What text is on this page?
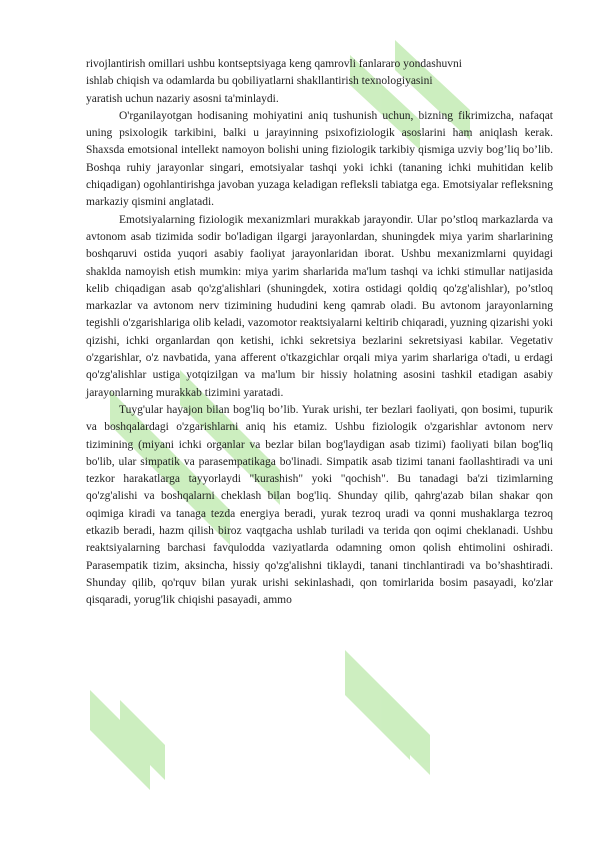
rivojlantirish omillari ushbu kontseptsiyaga keng qamrovli fanlararo yondashuvni
ishlab chiqish va odamlarda bu qobiliyatlarni shakllantirish texnologiyasini
yaratish uchun nazariy asosni ta'minlaydi.

O'rganilayotgan hodisaning mohiyatini aniq tushunish uchun, bizning fikrimizcha, nafaqat uning psixologik tarkibini, balki u jarayinning psixofiziologik asoslarini ham aniqlash kerak. Shaxsda emotsional intellekt namoyon bolishi uning fiziologik tarkibiy qismiga uzviy bog’liq bo’lib. Boshqa ruhiy jarayonlar singari, emotsiyalar tashqi yoki ichki (tananing ichki muhitidan kelib chiqadigan) ogohlantirishga javoban yuzaga keladigan refleksli tabiatga ega. Emotsiyalar refleksning markaziy qismini anglatadi.

Emotsiyalarning fiziologik mexanizmlari murakkab jarayondir. Ular po’stloq markazlarda va avtonom asab tizimida sodir bo'ladigan ilgargi jarayonlardan, shuningdek miya yarim sharlarining boshqaruvi ostida yuqori asabiy faoliyat jarayonlaridan iborat. Ushbu mexanizmlarni quyidagi shaklda namoyish etish mumkin: miya yarim sharlarida ma'lum tashqi va ichki stimullar natijasida kelib chiqadigan asab qo'zg'alishlari (shuningdek, xotira ostidagi qoldiq qo'zg'alishlar), po’stloq markazlar va avtonom nerv tizimining hududini keng qamrab oladi. Bu avtonom jarayonlarning tegishli o'zgarishlariga olib keladi, vazomotor reaktsiyalarni keltirib chiqaradi, yuzning qizarishi yoki qizishi, ichki organlardan qon ketishi, ichki sekretsiya bezlarini sekretsiyasi kabilar. Vegetativ o'zgarishlar, o'z navbatida, yana afferent o'tkazgichlar orqali miya yarim sharlariga o'tadi, u erdagi qo'zg'alishlar ustiga yotqizilgan va ma'lum bir hissiy holatning asosini tashkil etadigan asabiy jarayonlarning murakkab tizimini yaratadi.

Tuyg'ular hayajon bilan bog'liq bo’lib. Yurak urishi, ter bezlari faoliyati, qon bosimi, tupurik va boshqalardagi o'zgarishlarni aniq his etamiz. Ushbu fiziologik o'zgarishlar avtonom nerv tizimining (miyani ichki organlar va bezlar bilan bog'laydigan asab tizimi) faoliyati bilan bog'liq bo'lib, ular simpatik va parasempatikaga bo'linadi. Simpatik asab tizimi tanani faollashtiradi va uni tezkor harakatlarga tayyorlaydi "kurashish" yoki "qochish". Bu tanadagi ba'zi tizimlarning qo'zg'alishi va boshqalarni cheklash bilan bog'liq. Shunday qilib, qahrg'azab bilan shakar qon oqimiga kiradi va tanaga tezda energiya beradi, yurak tezroq uradi va qonni mushaklarga tezroq etkazib beradi, hazm qilish biroz vaqtgacha ushlab turiladi va terida qon oqimi cheklanadi. Ushbu reaktsiyalarning barchasi favqulodda vaziyatlarda odamning omon qolish ehtimolini oshiradi. Parasempatik tizim, aksincha, hissiy qo'zg'alishni tiklaydi, tanani tinchlantiradi va bo’shashtiradi. Shunday qilib, qo'rquv bilan yurak urishi sekinlashadi, qon tomirlarida bosim pasayadi, ko'zlar qisqaradi, yorug'lik chiqishi pasayadi, ammo
